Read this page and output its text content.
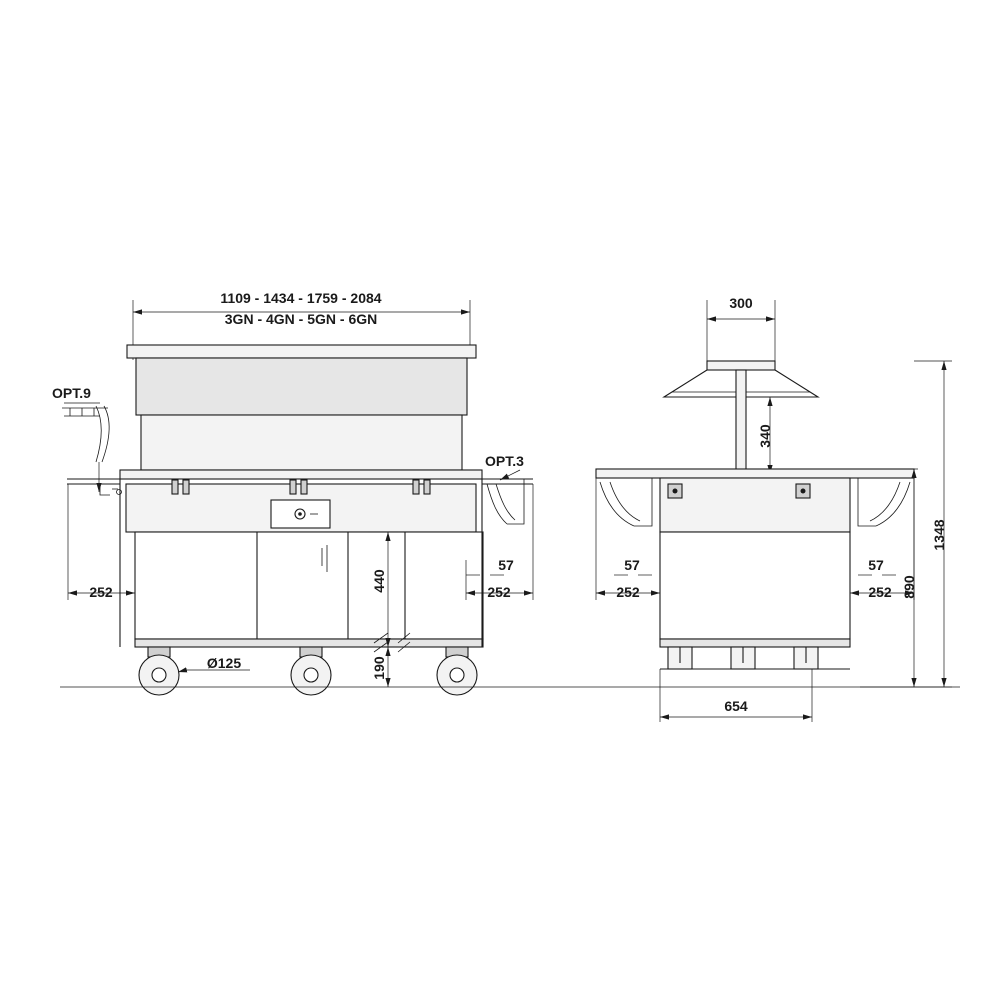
1109 - 1434 - 1759 - 2084
3GN - 4GN - 5GN - 6GN
OPT.9
OPT.3
252	252
57
440
190
Ø125
300
340
1348
890
654
252
57
252
57
